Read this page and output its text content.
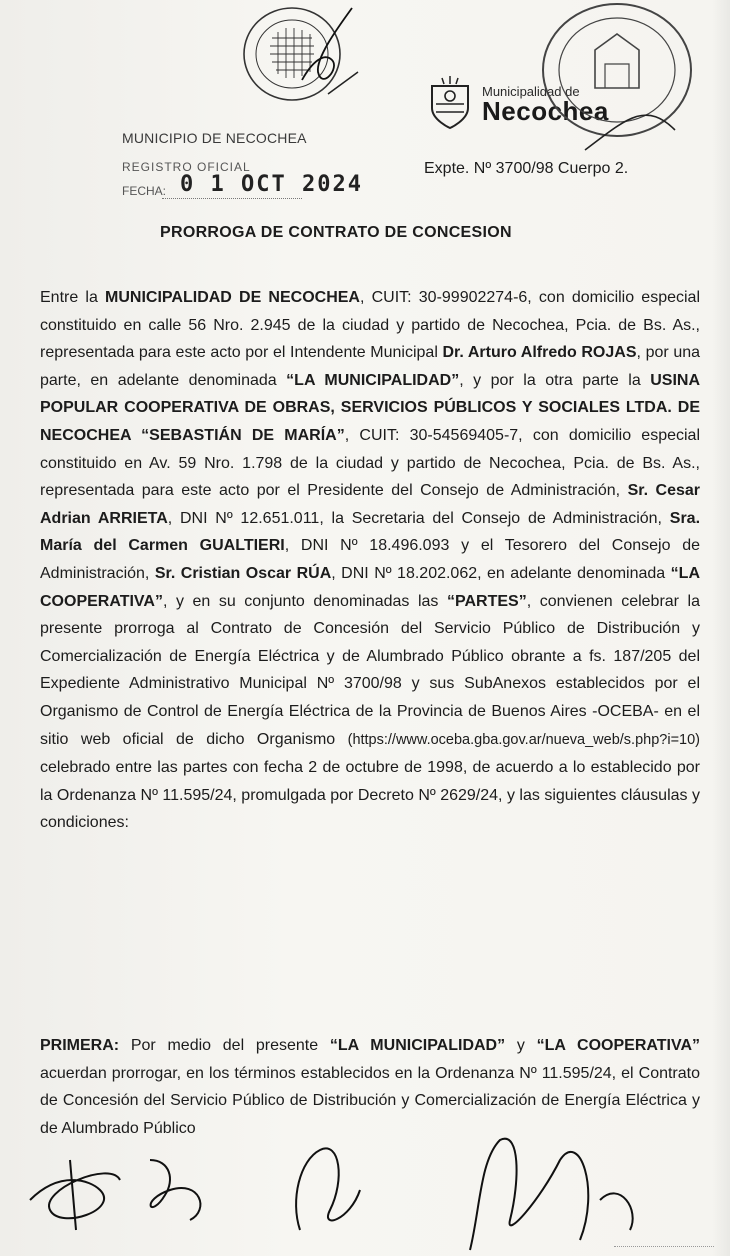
Municipalidad de
Necochea
MUNICIPIO DE NECOCHEA
REGISTRO OFICIAL
FECHA: 0 1 OCT 2024
Expte. Nº 3700/98 Cuerpo 2.
PRORROGA DE CONTRATO DE CONCESION
Entre la MUNICIPALIDAD DE NECOCHEA, CUIT: 30-99902274-6, con domicilio especial constituido en calle 56 Nro. 2.945 de la ciudad y partido de Necochea, Pcia. de Bs. As., representada para este acto por el Intendente Municipal Dr. Arturo Alfredo ROJAS, por una parte, en adelante denominada “LA MUNICIPALIDAD”, y por la otra parte la USINA POPULAR COOPERATIVA DE OBRAS, SERVICIOS PÚBLICOS Y SOCIALES LTDA. DE NECOCHEA “SEBASTIÁN DE MARÍA”, CUIT: 30-54569405-7, con domicilio especial constituido en Av. 59 Nro. 1.798 de la ciudad y partido de Necochea, Pcia. de Bs. As., representada para este acto por el Presidente del Consejo de Administración, Sr. Cesar Adrian ARRIETA, DNI Nº 12.651.011, la Secretaria del Consejo de Administración, Sra. María del Carmen GUALTIERI, DNI Nº 18.496.093 y el Tesorero del Consejo de Administración, Sr. Cristian Oscar RÚA, DNI Nº 18.202.062, en adelante denominada “LA COOPERATIVA”, y en su conjunto denominadas las “PARTES”, convienen celebrar la presente prorroga al Contrato de Concesión del Servicio Público de Distribución y Comercialización de Energía Eléctrica y de Alumbrado Público obrante a fs. 187/205 del Expediente Administrativo Municipal Nº 3700/98 y sus SubAnexos establecidos por el Organismo de Control de Energía Eléctrica de la Provincia de Buenos Aires -OCEBA- en el sitio web oficial de dicho Organismo (https://www.oceba.gba.gov.ar/nueva_web/s.php?i=10) celebrado entre las partes con fecha 2 de octubre de 1998, de acuerdo a lo establecido por la Ordenanza Nº 11.595/24, promulgada por Decreto Nº 2629/24, y las siguientes cláusulas y condiciones:
PRIMERA: Por medio del presente “LA MUNICIPALIDAD” y “LA COOPERATIVA” acuerdan prorrogar, en los términos establecidos en la Ordenanza Nº 11.595/24, el Contrato de Concesión del Servicio Público de Distribución y Comercialización de Energía Eléctrica y de Alumbrado Público
